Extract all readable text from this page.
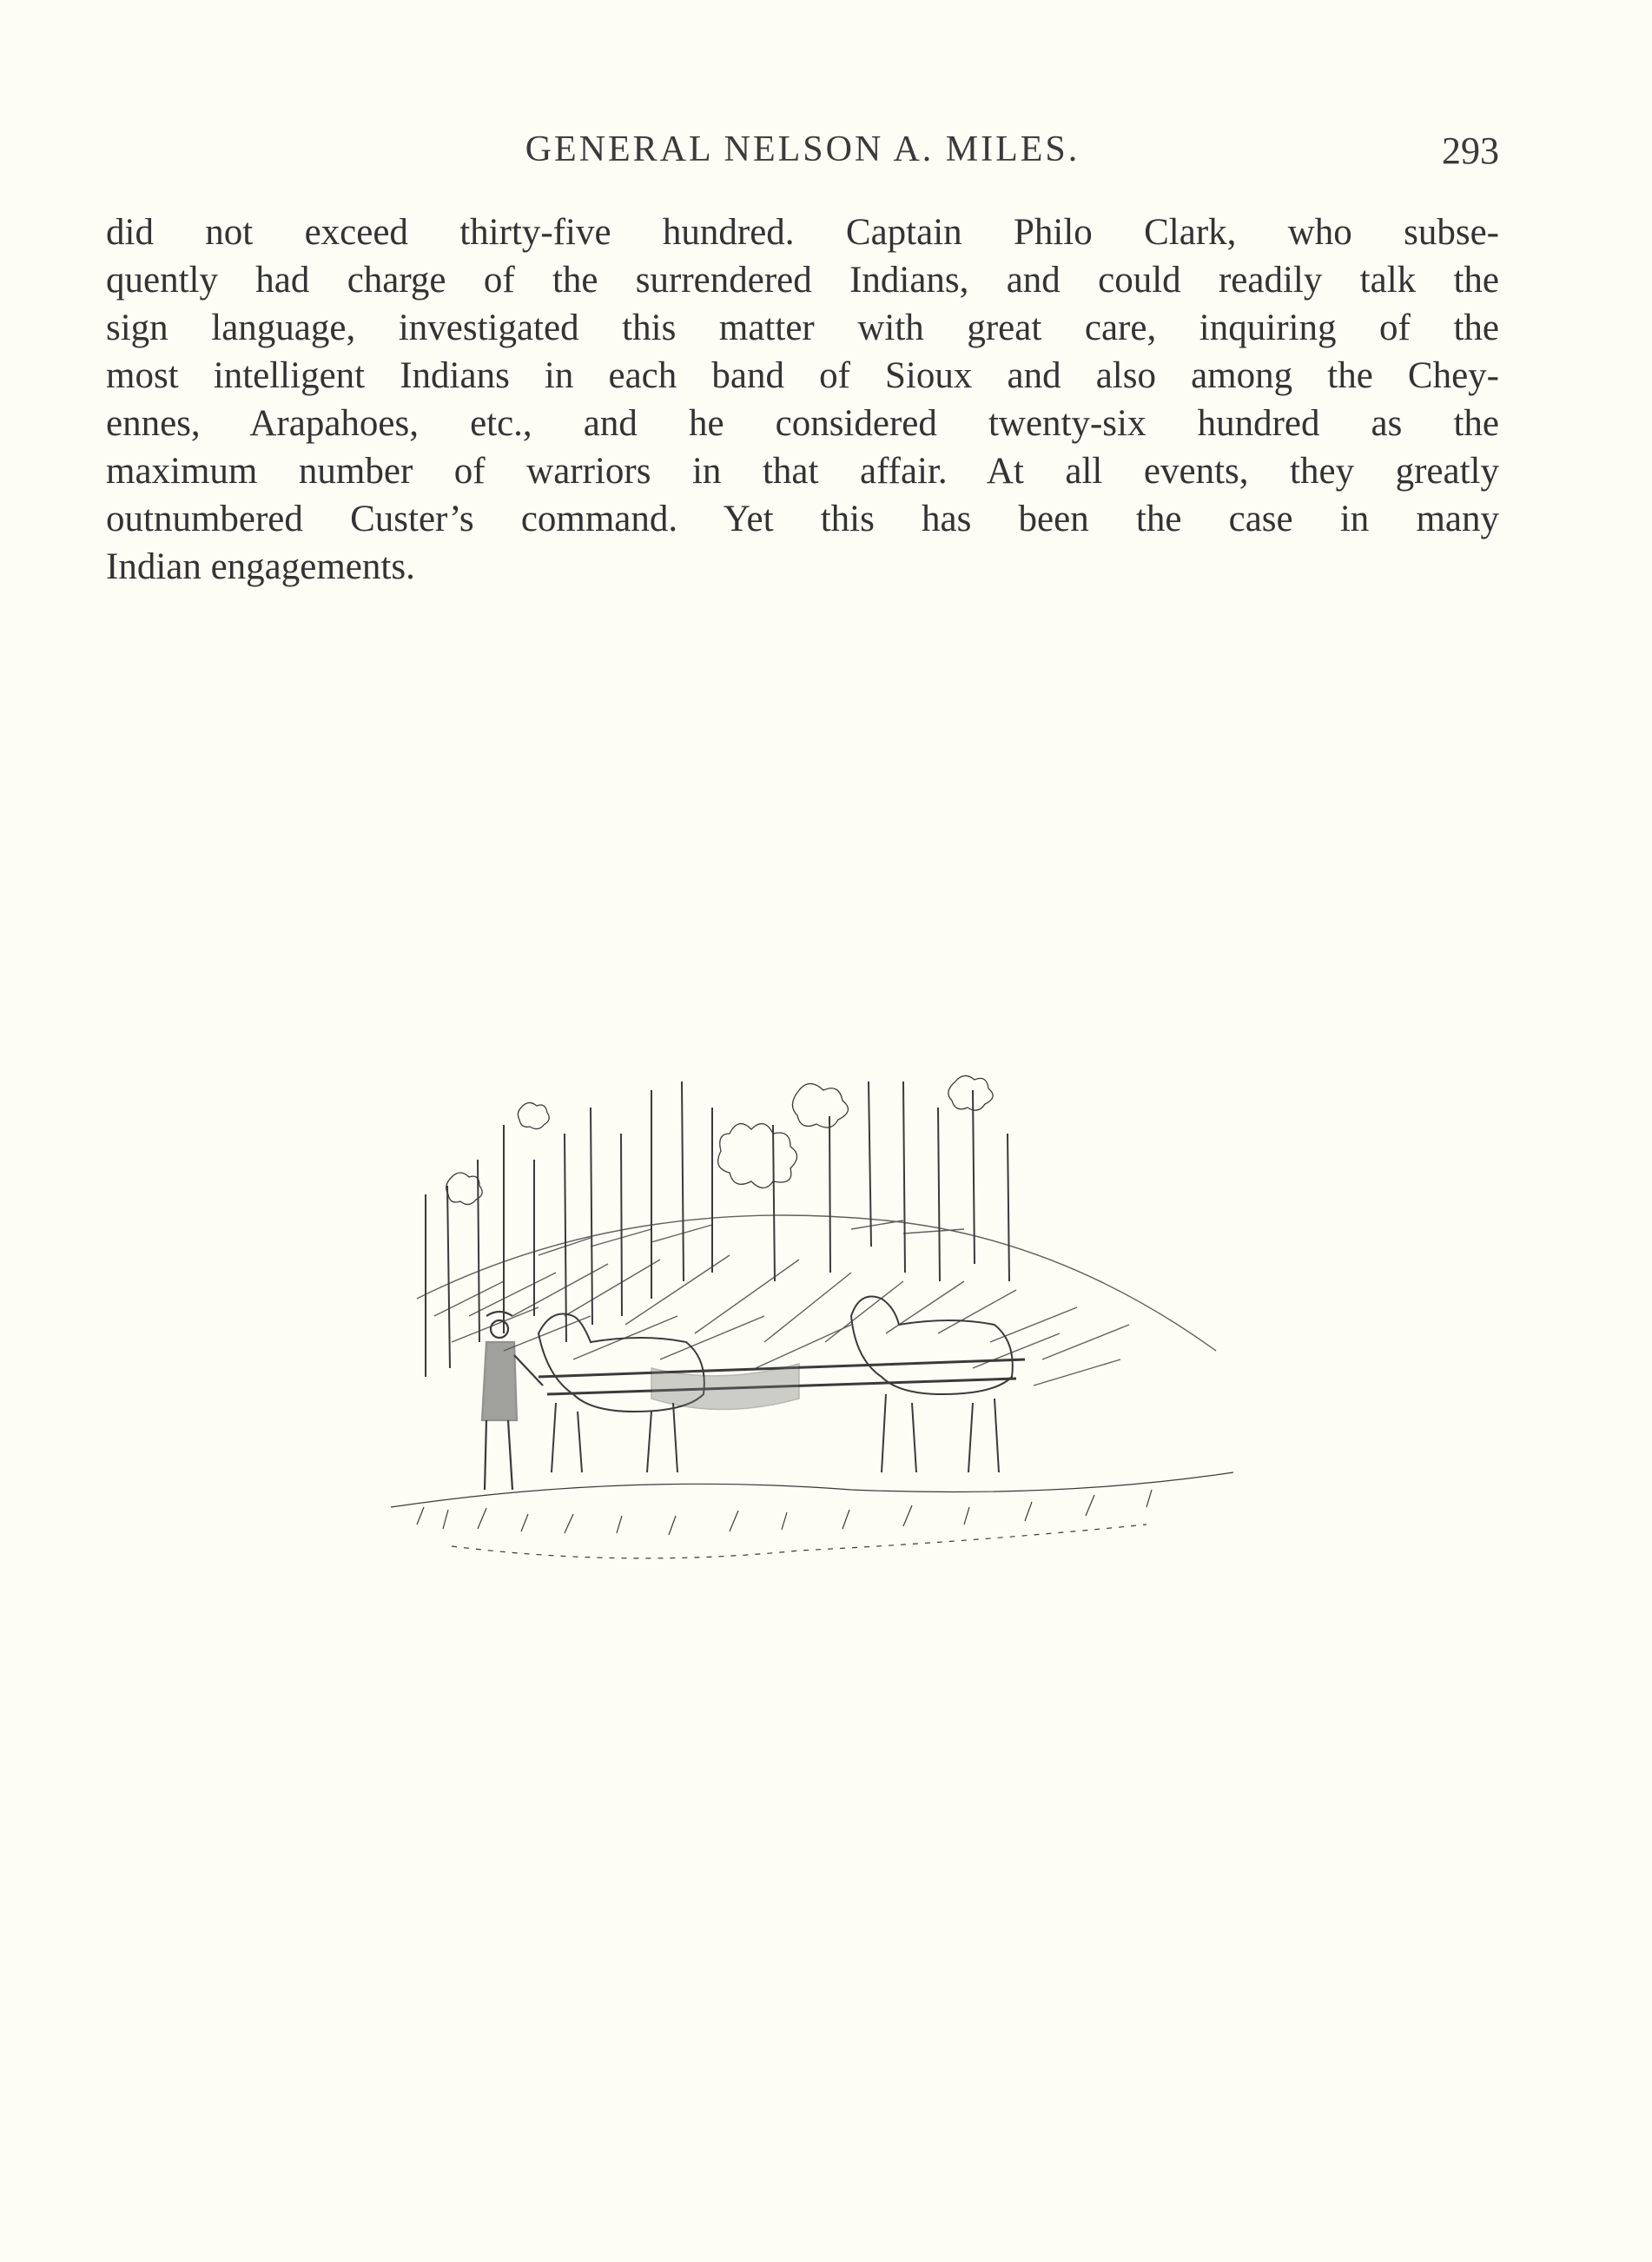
GENERAL NELSON A. MILES.	293
did not exceed thirty-five hundred. Captain Philo Clark, who subse-
quently had charge of the surrendered Indians, and could readily talk the
sign language, investigated this matter with great care, inquiring of the
most intelligent Indians in each band of Sioux and also among the Chey-
ennes, Arapahoes, etc., and he considered twenty-six hundred as the
maximum number of warriors in that affair. At all events, they greatly
outnumbered Custer’s command. Yet this has been the case in many
Indian engagements.
